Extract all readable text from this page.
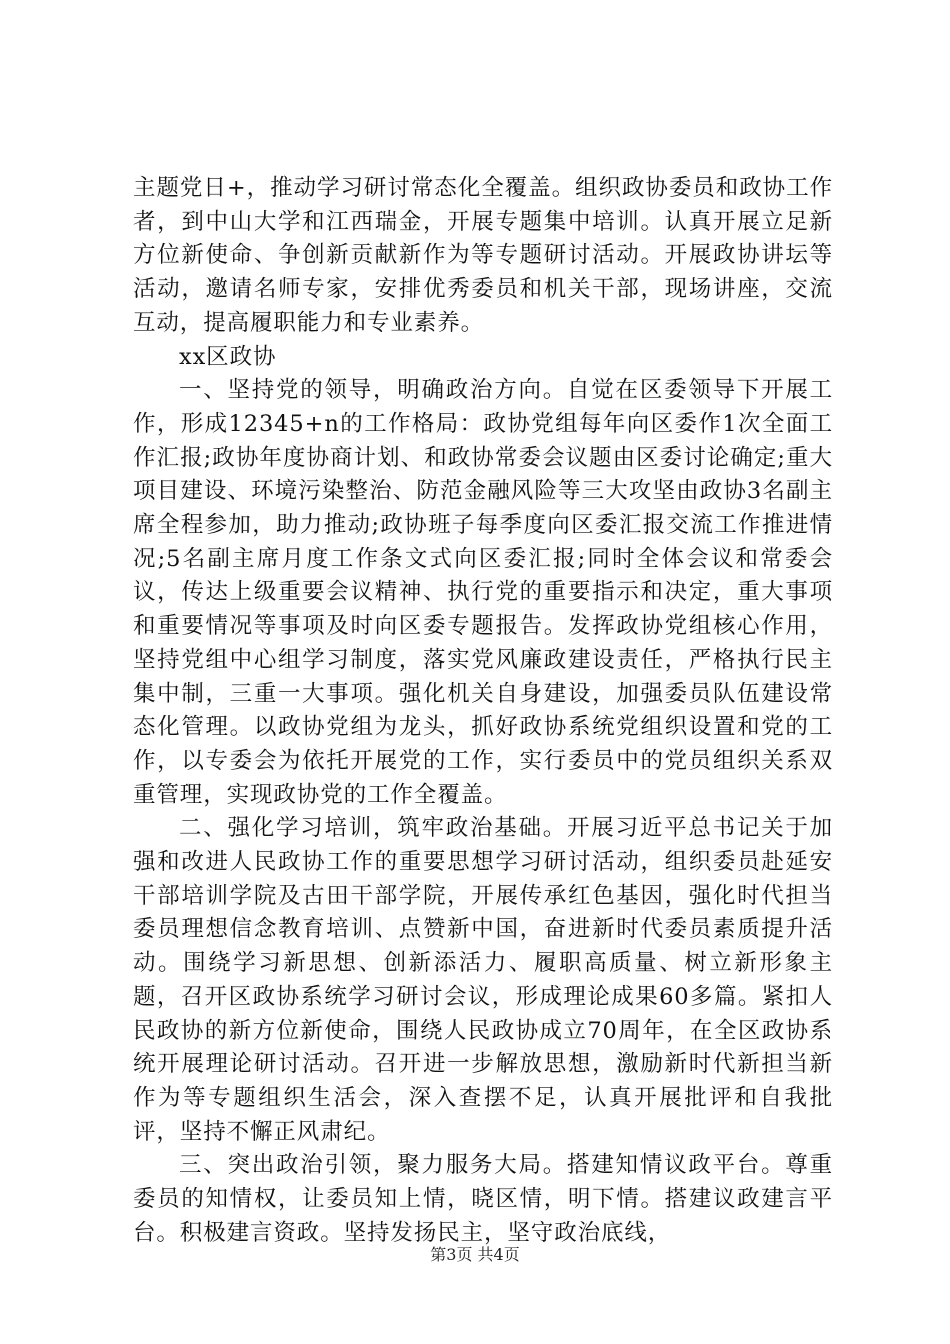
主题党日+，推动学习研讨常态化全覆盖。组织政协委员和政协工作者，到中山大学和江西瑞金，开展专题集中培训。认真开展立足新方位新使命、争创新贡献新作为等专题研讨活动。开展政协讲坛等活动，邀请名师专家，安排优秀委员和机关干部，现场讲座，交流互动，提高履职能力和专业素养。

xx区政协

一、坚持党的领导，明确政治方向。自觉在区委领导下开展工作，形成12345+n的工作格局：政协党组每年向区委作1次全面工作汇报;政协年度协商计划、和政协常委会议题由区委讨论确定;重大项目建设、环境污染整治、防范金融风险等三大攻坚由政协3名副主席全程参加，助力推动;政协班子每季度向区委汇报交流工作推进情况;5名副主席月度工作条文式向区委汇报;同时全体会议和常委会议，传达上级重要会议精神、执行党的重要指示和决定，重大事项和重要情况等事项及时向区委专题报告。发挥政协党组核心作用，坚持党组中心组学习制度，落实党风廉政建设责任，严格执行民主集中制，三重一大事项。强化机关自身建设，加强委员队伍建设常态化管理。以政协党组为龙头，抓好政协系统党组织设置和党的工作，以专委会为依托开展党的工作，实行委员中的党员组织关系双重管理，实现政协党的工作全覆盖。

二、强化学习培训，筑牢政治基础。开展习近平总书记关于加强和改进人民政协工作的重要思想学习研讨活动，组织委员赴延安干部培训学院及古田干部学院，开展传承红色基因，强化时代担当委员理想信念教育培训、点赞新中国，奋进新时代委员素质提升活动。围绕学习新思想、创新添活力、履职高质量、树立新形象主题，召开区政协系统学习研讨会议，形成理论成果60多篇。紧扣人民政协的新方位新使命，围绕人民政协成立70周年，在全区政协系统开展理论研讨活动。召开进一步解放思想，激励新时代新担当新作为等专题组织生活会，深入查摆不足，认真开展批评和自我批评，坚持不懈正风肃纪。

三、突出政治引领，聚力服务大局。搭建知情议政平台。尊重委员的知情权，让委员知上情，晓区情，明下情。搭建议政建言平台。积极建言资政。坚持发扬民主，坚守政治底线，

第3页 共4页
